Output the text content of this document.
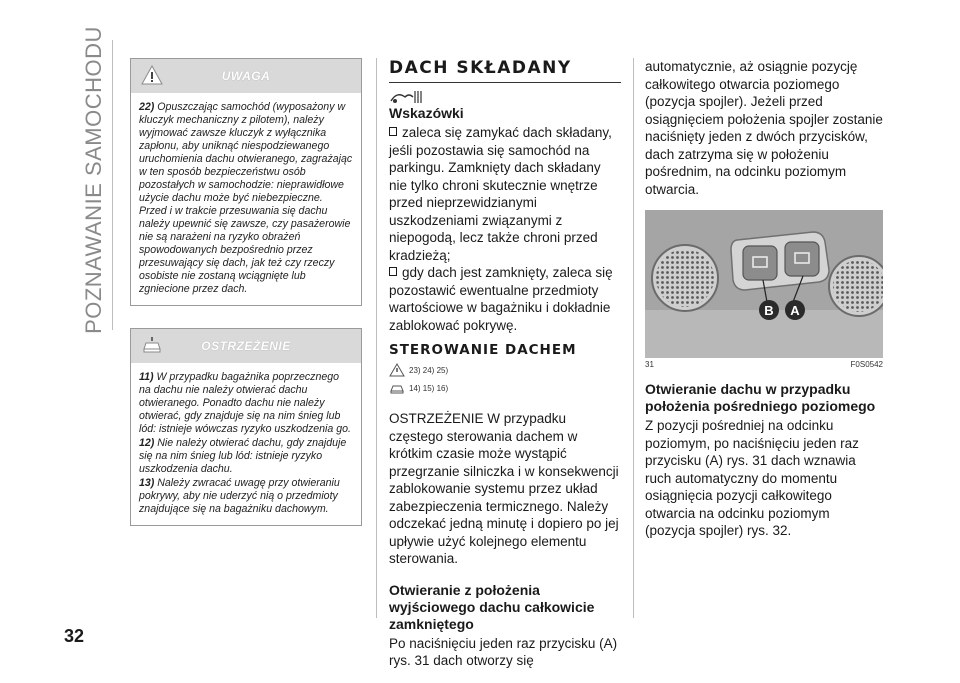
POZNAWANIE SAMOCHODU
32
UWAGA

22) Opuszczając samochód (wyposażony w kluczyk mechaniczny z pilotem), należy wyjmować zawsze kluczyk z wyłącznika zapłonu, aby uniknąć niespodziewanego uruchomienia dachu otwieranego, zagrażając w ten sposób bezpieczeństwu osób pozostałych w samochodzie: nieprawidłowe użycie dachu może być niebezpieczne. Przed i w trakcie przesuwania się dachu należy upewnić się zawsze, czy pasażerowie nie są narażeni na ryzyko obrażeń spowodowanych bezpośrednio przez przesuwający się dach, jak też czy rzeczy osobiste nie zostaną wciągnięte lub zgniecione przez dach.

OSTRZEŻENIE

11) W przypadku bagażnika poprzecznego na dachu nie należy otwierać dachu otwieranego. Ponadto dachu nie należy otwierać, gdy znajduje się na nim śnieg lub lód: istnieje wówczas ryzyko uszkodzenia go.

12) Nie należy otwierać dachu, gdy znajduje się na nim śnieg lub lód: istnieje ryzyko uszkodzenia dachu.

13) Należy zwracać uwagę przy otwieraniu pokrywy, aby nie uderzyć nią o przedmioty znajdujące się na bagażniku dachowym.

DACH SKŁADANY
Wskazówki

zaleca się zamykać dach składany, jeśli pozostawia się samochód na parkingu. Zamknięty dach składany nie tylko chroni skutecznie wnętrze przed nieprzewidzianymi uszkodzeniami związanymi z niepogodą, lecz także chroni przed kradzieżą;

gdy dach jest zamknięty, zaleca się pozostawić ewentualne przedmioty wartościowe w bagażniku i dokładnie zablokować pokrywę.

STEROWANIE DACHEM
23) 24) 25)
14) 15) 16)

OSTRZEŻENIE W przypadku częstego sterowania dachem w krótkim czasie może wystąpić przegrzanie silniczka i w konsekwencji zablokowanie systemu przez układ zabezpieczenia termicznego. Należy odczekać jedną minutę i dopiero po jej upływie użyć kolejnego elementu sterowania.

Otwieranie z położenia wyjściowego dachu całkowicie zamkniętego

Po naciśnięciu jeden raz przycisku (A) rys. 31 dach otworzy się

automatycznie, aż osiągnie pozycję całkowitego otwarcia poziomego (pozycja spojler). Jeżeli przed osiągnięciem położenia spojler zostanie naciśnięty jeden z dwóch przycisków, dach zatrzyma się w położeniu pośrednim, na odcinku poziomym otwarcia.

B A
31	F0S0542
Otwieranie dachu w przypadku położenia pośredniego poziomego

Z pozycji pośredniej na odcinku poziomym, po naciśnięciu jeden raz przycisku (A) rys. 31 dach wznawia ruch automatyczny do momentu osiągnięcia pozycji całkowitego otwarcia na odcinku poziomym (pozycja spojler) rys. 32.
